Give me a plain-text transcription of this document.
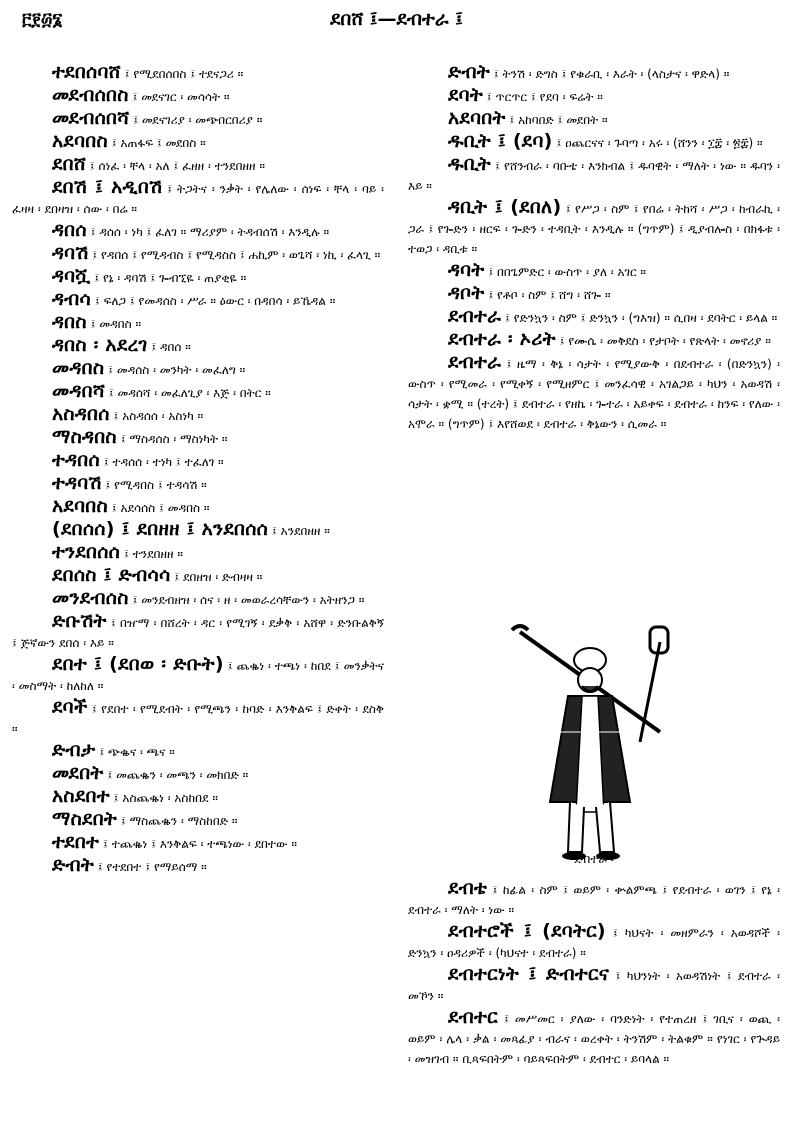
፫፻፴፮	ደበሸ ፤—ደብተራ ፤

ተደበሰባሸ ፤ የሚደበሰበስ ፤ ተደናጋሪ ።

መደብሰበስ ፤ መደናገር ፡ መሳሳት ።

መደብሰበሻ ፤ መደናገሪያ ፡ መጭበርበሪያ ።

አደባበስ ፤ አጠፋፍ ፤ መደበስ ።

ደበሸ ፤ ሰነፈ ፡ ቸላ ፡ አለ ፤ ፈዘዘ ፡ ተንደበዘዘ ።

ደበሽ ፤ አዲበሽ ፤ ትጋትና ፡ ንቃት ፡ የሌለው ፡ ሰነፍ ፡ ቸላ ፡ ባይ ፡ ፈዛዛ ፡ ደበዛዝ ፡ ሰው ፡ በሬ ።

ዳበሰ ፤ ዳሰሰ ፡ ነካ ፤ ፈለገ ። ማሪያም ፡ ትዳብሰሽ ፡ እንዲሉ ።

ዳባሽ ፤ የዳበሰ ፤ የሚዳብስ ፤ የሚዳስስ ፤ ሐኪም ፡ ወጌሻ ፡ ነኪ ፡ ፈላጊ ።

ዳባሿ ፤ የኔ ፡ ዳባሽ ፤ ጐብኚዬ ፡ ጠያቂዬ ።

ዳብሳ ፤ ፍለጋ ፤ የመዳሰስ ፡ ሥራ ። ዕውር ፡ በዳበሳ ፡ ይኼዳል ።

ዳበስ ፤ መዳበስ ።

ዳበስ ፡ አደረገ ፤ ዳበሰ ።

መዳበስ ፤ መዳሰስ ፡ መንካት ፡ መፈለግ ።

መዳበሻ ፤ መዳሰሻ ፡ መፈለጊያ ፡ እጅ ፡ በትር ።

አስዳበሰ ፤ አስዳሰሰ ፡ አስነካ ።

ማስዳበስ ፤ ማስዳሰስ ፡ ማስነካት ።

ተዳበሰ ፤ ተዳሰሰ ፡ ተነካ ፤ ተፈለገ ።

ተዳባሽ ፤ የሚዳበስ ፤ ተዳሳሽ ።

አደባበስ ፤ አደሳሰስ ፤ መዳበስ ።

(ደበሰሰ) ፤ ደበዘዘ ፤ አንደበሰሰ ፤ አንደበዘዘ ።

ተንደበሰሰ ፤ ተንደበዘዘ ።

ደበሰስ ፤ ድብሳሳ ፤ ደበዘዝ ፡ ድብዛዛ ።

መንደብሰስ ፤ መንደብዘዝ ፡ ሰና ፡ ዘ ፡ መወራረሳቸውን ፡ አትዘንጋ ።

ድቡሽት ፤ በዠማ ፡ በሸረት ፡ ዳር ፡ የሚገኝ ፡ ደቃቅ ፡ አሸዋ ፡ ድንቡልቅኝ ፤ ጅኛውን ደበሰ ፡ እይ ።

ደበተ ፤ (ደበወ ፡ ድቡት) ፤ ጨቈነ ፡ ተጫነ ፡ ከበደ ፤ መንቃትና ፡ መስማት ፡ ከለከለ ።

ደባች ፤ የደበተ ፡ የሚደብት ፡ የሚጫን ፡ ከባድ ፡ እንቅልፍ ፤ ድቀት ፡ ደስቅ ።

ድብታ ፤ ጭቈና ፡ ጫና ።

መደበት ፤ መጨቈን ፡ መጫን ፡ መክበድ ።

አስደበተ ፤ አስጨቈነ ፡ አስከበደ ።

ማስደበት ፤ ማስጨቈን ፡ ማስከበድ ።

ተደበተ ፤ ተጨቈነ ፤ እንቅልፍ ፡ ተጫነው ፡ ደበተው ።

ድብት ፤ የተደበተ ፤ የማይሰማ ።

ድብት ፤ ትንሽ ፡ ድግስ ፤ የቁራቢ ፡ እራት ፡ (ላስታና ፡ ዋድላ) ።

ደባት ፤ ጥርጥር ፤ የደባ ፡ ፍሬት ።

አደባበት ፤ አከባበድ ፤ መደበት ።

ዱቢት ፤ (ደባ) ፤ ዐጨርናና ፡ ጉባጣ ፡ አሩ ፡ (ሸንን ፡ ፲፰ ፡ ፳፰) ።

ዱቢት ፤ የሸንብራ ፡ ባቡቴ ፡ እንክብል ፤ ዱባዊት ፡ ማለት ፡ ነው ። ዱባን ፡ እይ ።

ዳቢት ፤ (ደበለ) ፤ የሥጋ ፡ ስም ፤ የበሬ ፡ ትከሻ ፡ ሥጋ ፡ ከብራኪ ፡ ጋራ ፤ የጐድን ፡ ዘርፍ ፡ ጐድን ፡ ተዳቢት ፡ እንዲሉ ። (ግጥም) ፤ ዲያብሎስ ፡ በክፋቱ ፡ ተወጋ ፡ ዳቢቱ ።

ዳባት ፤ በበጌምድር ፡ ውስጥ ፡ ያለ ፡ አገር ።

ዳቦት ፤ የቶቦ ፡ ስም ፤ ሸግ ፡ ሸጐ ።

ደብተራ ፤ የድንኳን ፡ ስም ፤ ድንኳን ፡ (ግእዝ) ። ሲበዛ ፡ ደባትር ፡ ይላል ።

ደብተራ ፡ ኦሪት ፤ የሙሴ ፡ መቅደስ ፡ የታቦት ፡ የጽላት ፡ መኖሪያ ።

ደብተራ ፤ ዜማ ፡ ቅኔ ፡ ሳታት ፡ የሚያውቅ ፡ በደብተራ ፡ (በድንኳን) ፡ ውስጥ ፡ የሚመራ ፡ የሚቀኝ ፡ የሚዘምር ፤ መንፈሳዊ ፡ አገልጋይ ፡ ካህን ፡ አወዳሽ ፡ ሳታት ፡ ቋሚ ። (ተረት) ፤ ደብተራ ፡ የዘኬ ፡ ጐተራ ፡ አይቀፍ ፡ ደብተራ ፡ ከንፍ ፡ የለው ፡ አሞራ ። (ግጥም) ፤ እየሸወደ ፡ ደብተራ ፡ ቅኔውን ፡ ሲመራ ።

ደብተራ ፡

ደብቴ ፤ ከፊል ፡ ስም ፤ ወይም ፡ ቍልምጫ ፤ የደብተራ ፡ ወገን ፤ የኔ ፡ ደብተራ ፡ ማለት ፡ ነው ።

ደብተሮች ፤ (ደባትር) ፤ ካህናት ፡ መዘምራን ፡ አወዳሾች ፡ ድንኳን ፡ ዐዳሪዎች ፡ (ካህናተ ፡ ደብተራ) ።

ደብተርነት ፤ ድብተርና ፤ ካህንነት ፡ አወዳሽነት ፤ ደብተራ ፡ መኾን ።

ደብተር ፤ መሥመር ፡ ያለው ፡ ባንድነት ፡ የተጠረዘ ፤ ገቢና ፡ ወጪ ፡ ወይም ፡ ሌላ ፡ ቃል ፡ መጻፊያ ፡ ብራና ፡ ወረቀት ፡ ትንሽም ፡ ትልቁም ። የነገር ፡ የጕዳይ ፡ መዝገብ ። ቢጻፍበትም ፡ ባይጻፍበትም ፡ ደብተር ፡ ይባላል ።
